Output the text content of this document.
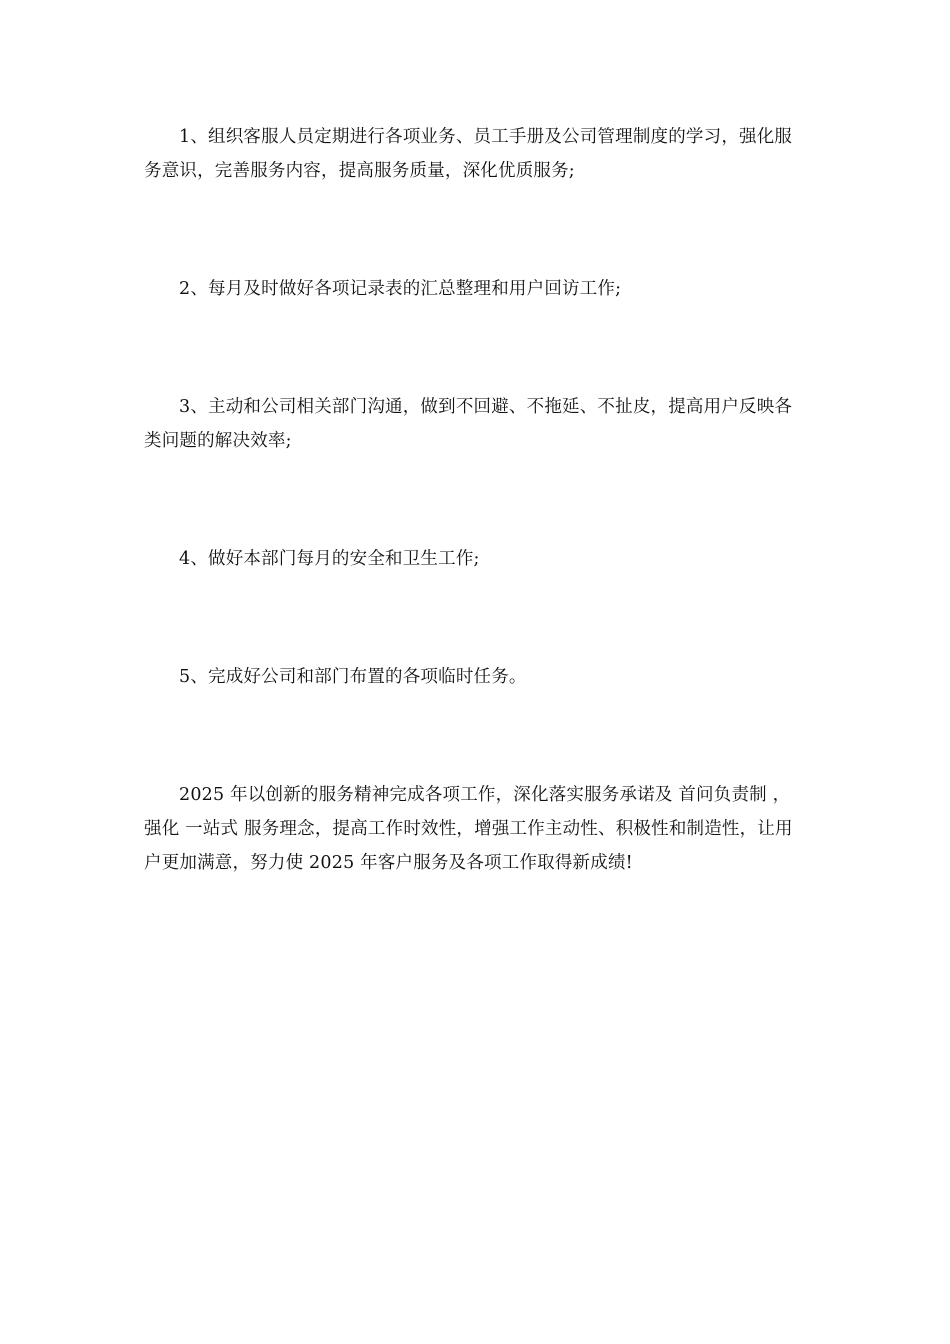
1、组织客服人员定期进行各项业务、员工手册及公司管理制度的学习，强化服务意识，完善服务内容，提高服务质量，深化优质服务;

2、每月及时做好各项记录表的汇总整理和用户回访工作;

3、主动和公司相关部门沟通，做到不回避、不拖延、不扯皮，提高用户反映各类问题的解决效率;

4、做好本部门每月的安全和卫生工作;

5、完成好公司和部门布置的各项临时任务。

2025 年以创新的服务精神完成各项工作，深化落实服务承诺及 首问负责制 ，强化 一站式 服务理念，提高工作时效性，增强工作主动性、积极性和制造性，让用户更加满意，努力使 2025 年客户服务及各项工作取得新成绩!
